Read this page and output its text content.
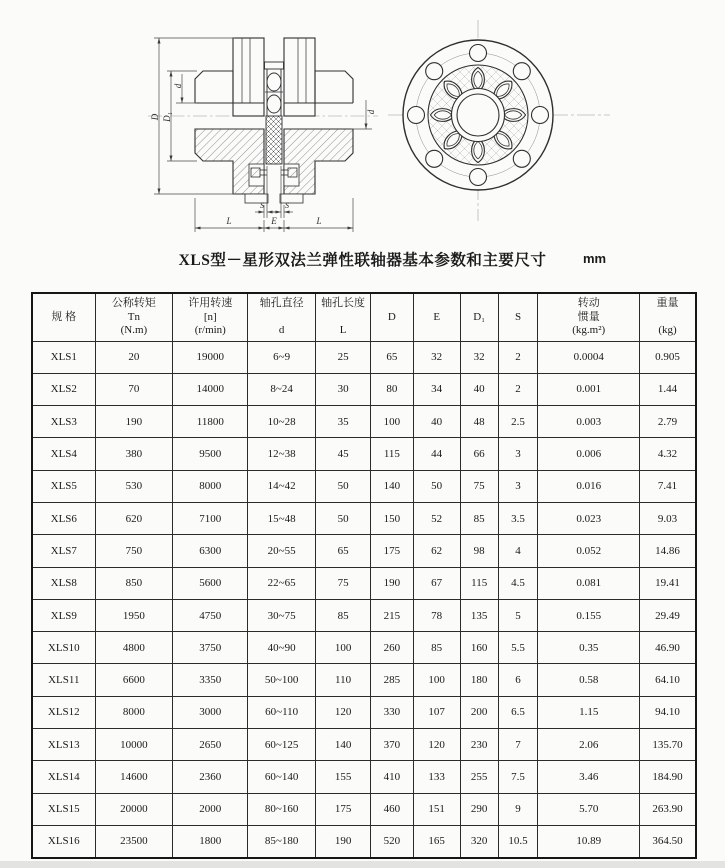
D D₁
d
d
S	S
L	E	L
XLS型－星形双法兰弹性联轴器基本参数和主要尺寸	mm
规 格

公称转矩
Tn
(N.m)

许用转速
[n]
(r/min)

轴孔直径

d

轴孔长度

L

D	E	D₁	S

转动
惯量
(kg.m²)

重量

(kg)

XLS1	20	19000	6~9	25	65	32	32	2	0.0004	0.905
XLS2	70	14000	8~24	30	80	34	40	2	0.001	1.44
XLS3	190	11800	10~28	35	100	40	48	2.5	0.003	2.79
XLS4	380	9500	12~38	45	115	44	66	3	0.006	4.32
XLS5	530	8000	14~42	50	140	50	75	3	0.016	7.41
XLS6	620	7100	15~48	50	150	52	85	3.5	0.023	9.03
XLS7	750	6300	20~55	65	175	62	98	4	0.052	14.86
XLS8	850	5600	22~65	75	190	67	115	4.5	0.081	19.41
XLS9	1950	4750	30~75	85	215	78	135	5	0.155	29.49
XLS10	4800	3750	40~90	100	260	85	160	5.5	0.35	46.90
XLS11	6600	3350	50~100	110	285	100	180	6	0.58	64.10
XLS12	8000	3000	60~110	120	330	107	200	6.5	1.15	94.10
XLS13	10000	2650	60~125	140	370	120	230	7	2.06	135.70
XLS14	14600	2360	60~140	155	410	133	255	7.5	3.46	184.90
XLS15	20000	2000	80~160	175	460	151	290	9	5.70	263.90
XLS16	23500	1800	85~180	190	520	165	320	10.5	10.89	364.50
